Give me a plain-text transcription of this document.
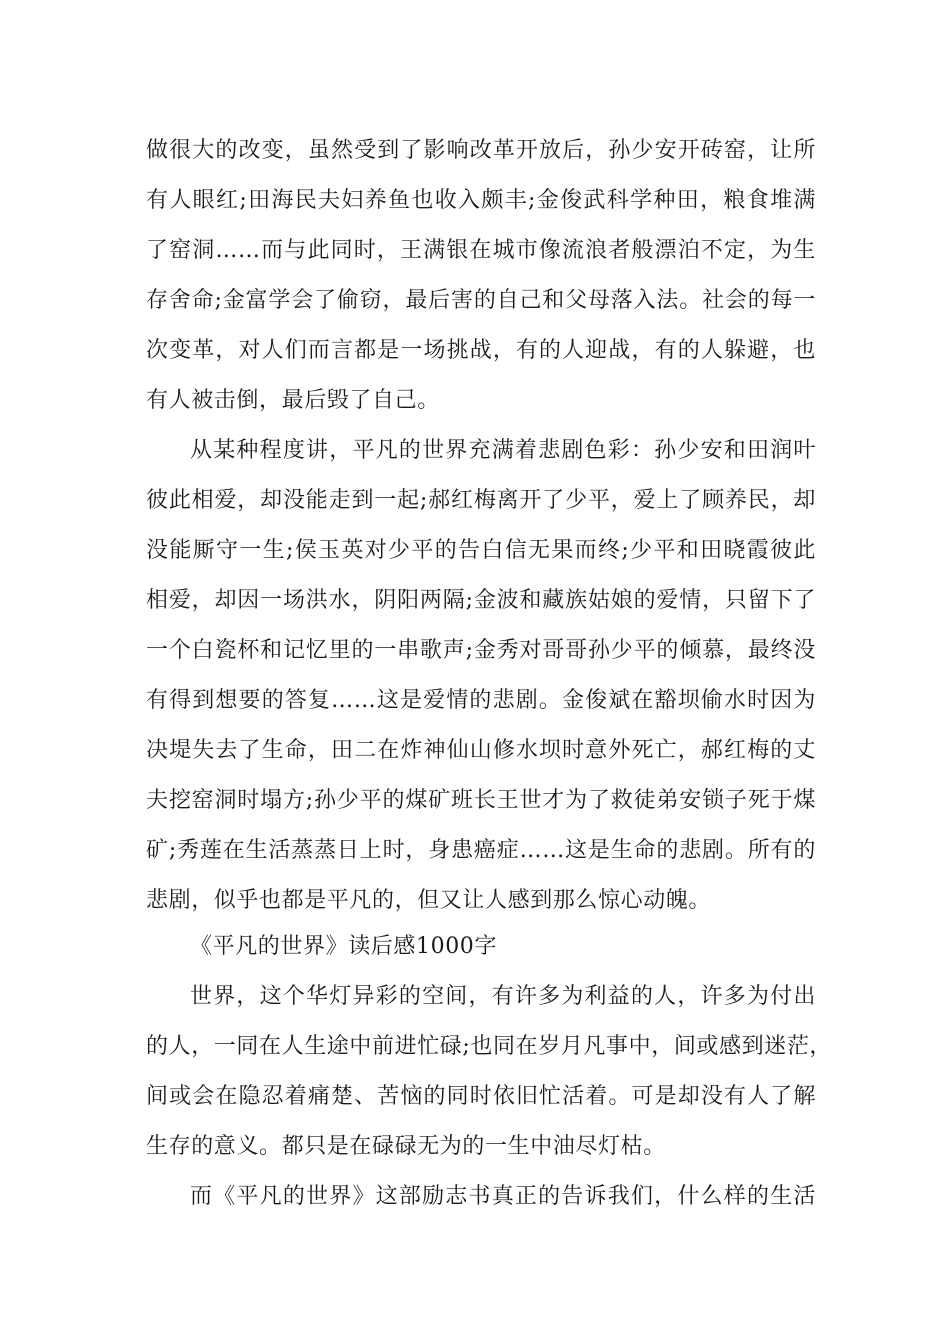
做很大的改变，虽然受到了影响改革开放后，孙少安开砖窑，让所
有人眼红;田海民夫妇养鱼也收入颇丰;金俊武科学种田，粮食堆满
了窑洞……而与此同时，王满银在城市像流浪者般漂泊不定，为生
存舍命;金富学会了偷窃，最后害的自己和父母落入法。社会的每一
次变革，对人们而言都是一场挑战，有的人迎战，有的人躲避，也
有人被击倒，最后毁了自己。
从某种程度讲，平凡的世界充满着悲剧色彩：孙少安和田润叶
彼此相爱，却没能走到一起;郝红梅离开了少平，爱上了顾养民，却
没能厮守一生;侯玉英对少平的告白信无果而终;少平和田晓霞彼此
相爱，却因一场洪水，阴阳两隔;金波和藏族姑娘的爱情，只留下了
一个白瓷杯和记忆里的一串歌声;金秀对哥哥孙少平的倾慕，最终没
有得到想要的答复……这是爱情的悲剧。金俊斌在豁坝偷水时因为
决堤失去了生命，田二在炸神仙山修水坝时意外死亡，郝红梅的丈
夫挖窑洞时塌方;孙少平的煤矿班长王世才为了救徒弟安锁子死于煤
矿;秀莲在生活蒸蒸日上时，身患癌症……这是生命的悲剧。所有的
悲剧，似乎也都是平凡的，但又让人感到那么惊心动魄。
《平凡的世界》读后感1000字
世界，这个华灯异彩的空间，有许多为利益的人，许多为付出
的人，一同在人生途中前进忙碌;也同在岁月凡事中，间或感到迷茫，
间或会在隐忍着痛楚、苦恼的同时依旧忙活着。可是却没有人了解
生存的意义。都只是在碌碌无为的一生中油尽灯枯。
而《平凡的世界》这部励志书真正的告诉我们，什么样的生活
